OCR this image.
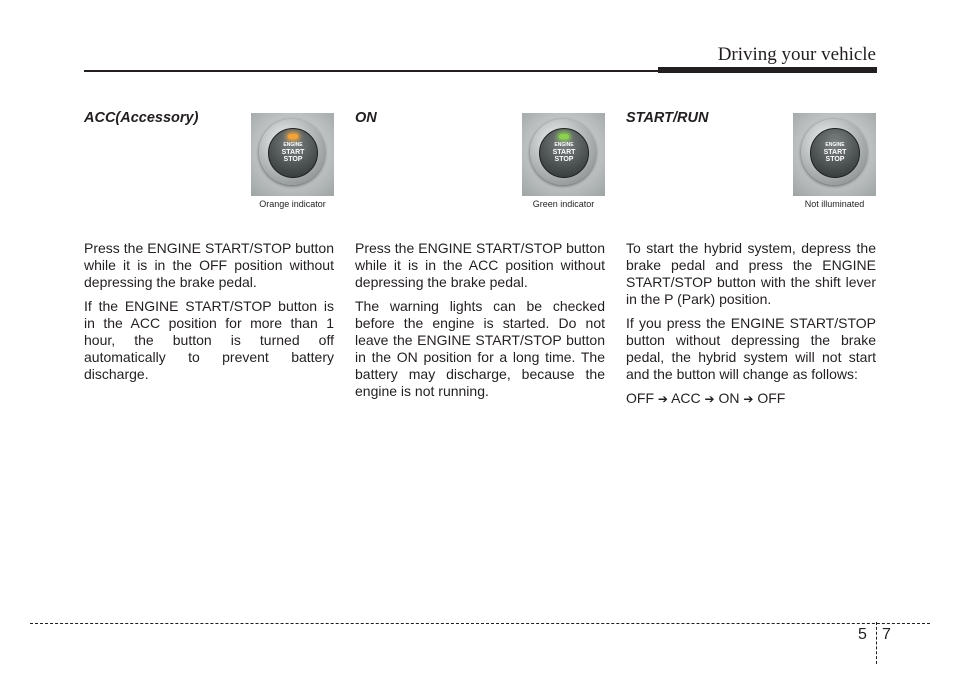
Driving your vehicle
ACC(Accessory)
ENGINE
START
STOP
Orange indicator

Press the ENGINE START/STOP button while it is in the OFF position without depressing the brake pedal.

If the ENGINE START/STOP button is in the ACC position for more than 1 hour, the button is turned off automatically to prevent battery discharge.

ON
ENGINE
START
STOP
Green indicator

Press the ENGINE START/STOP button while it is in the ACC position without depressing the brake pedal.

The warning lights can be checked before the engine is started. Do not leave the ENGINE START/STOP button in the ON position for a long time. The battery may discharge, because the engine is not running.

START/RUN
ENGINE
START
STOP
Not illuminated

To start the hybrid system, depress the brake pedal and press the ENGINE START/STOP button with the shift lever in the P (Park) position.

If you press the ENGINE START/STOP button without depressing the brake pedal, the hybrid system will not start and the button will change as follows:

OFF ➔ ACC ➔ ON ➔ OFF

5 7
